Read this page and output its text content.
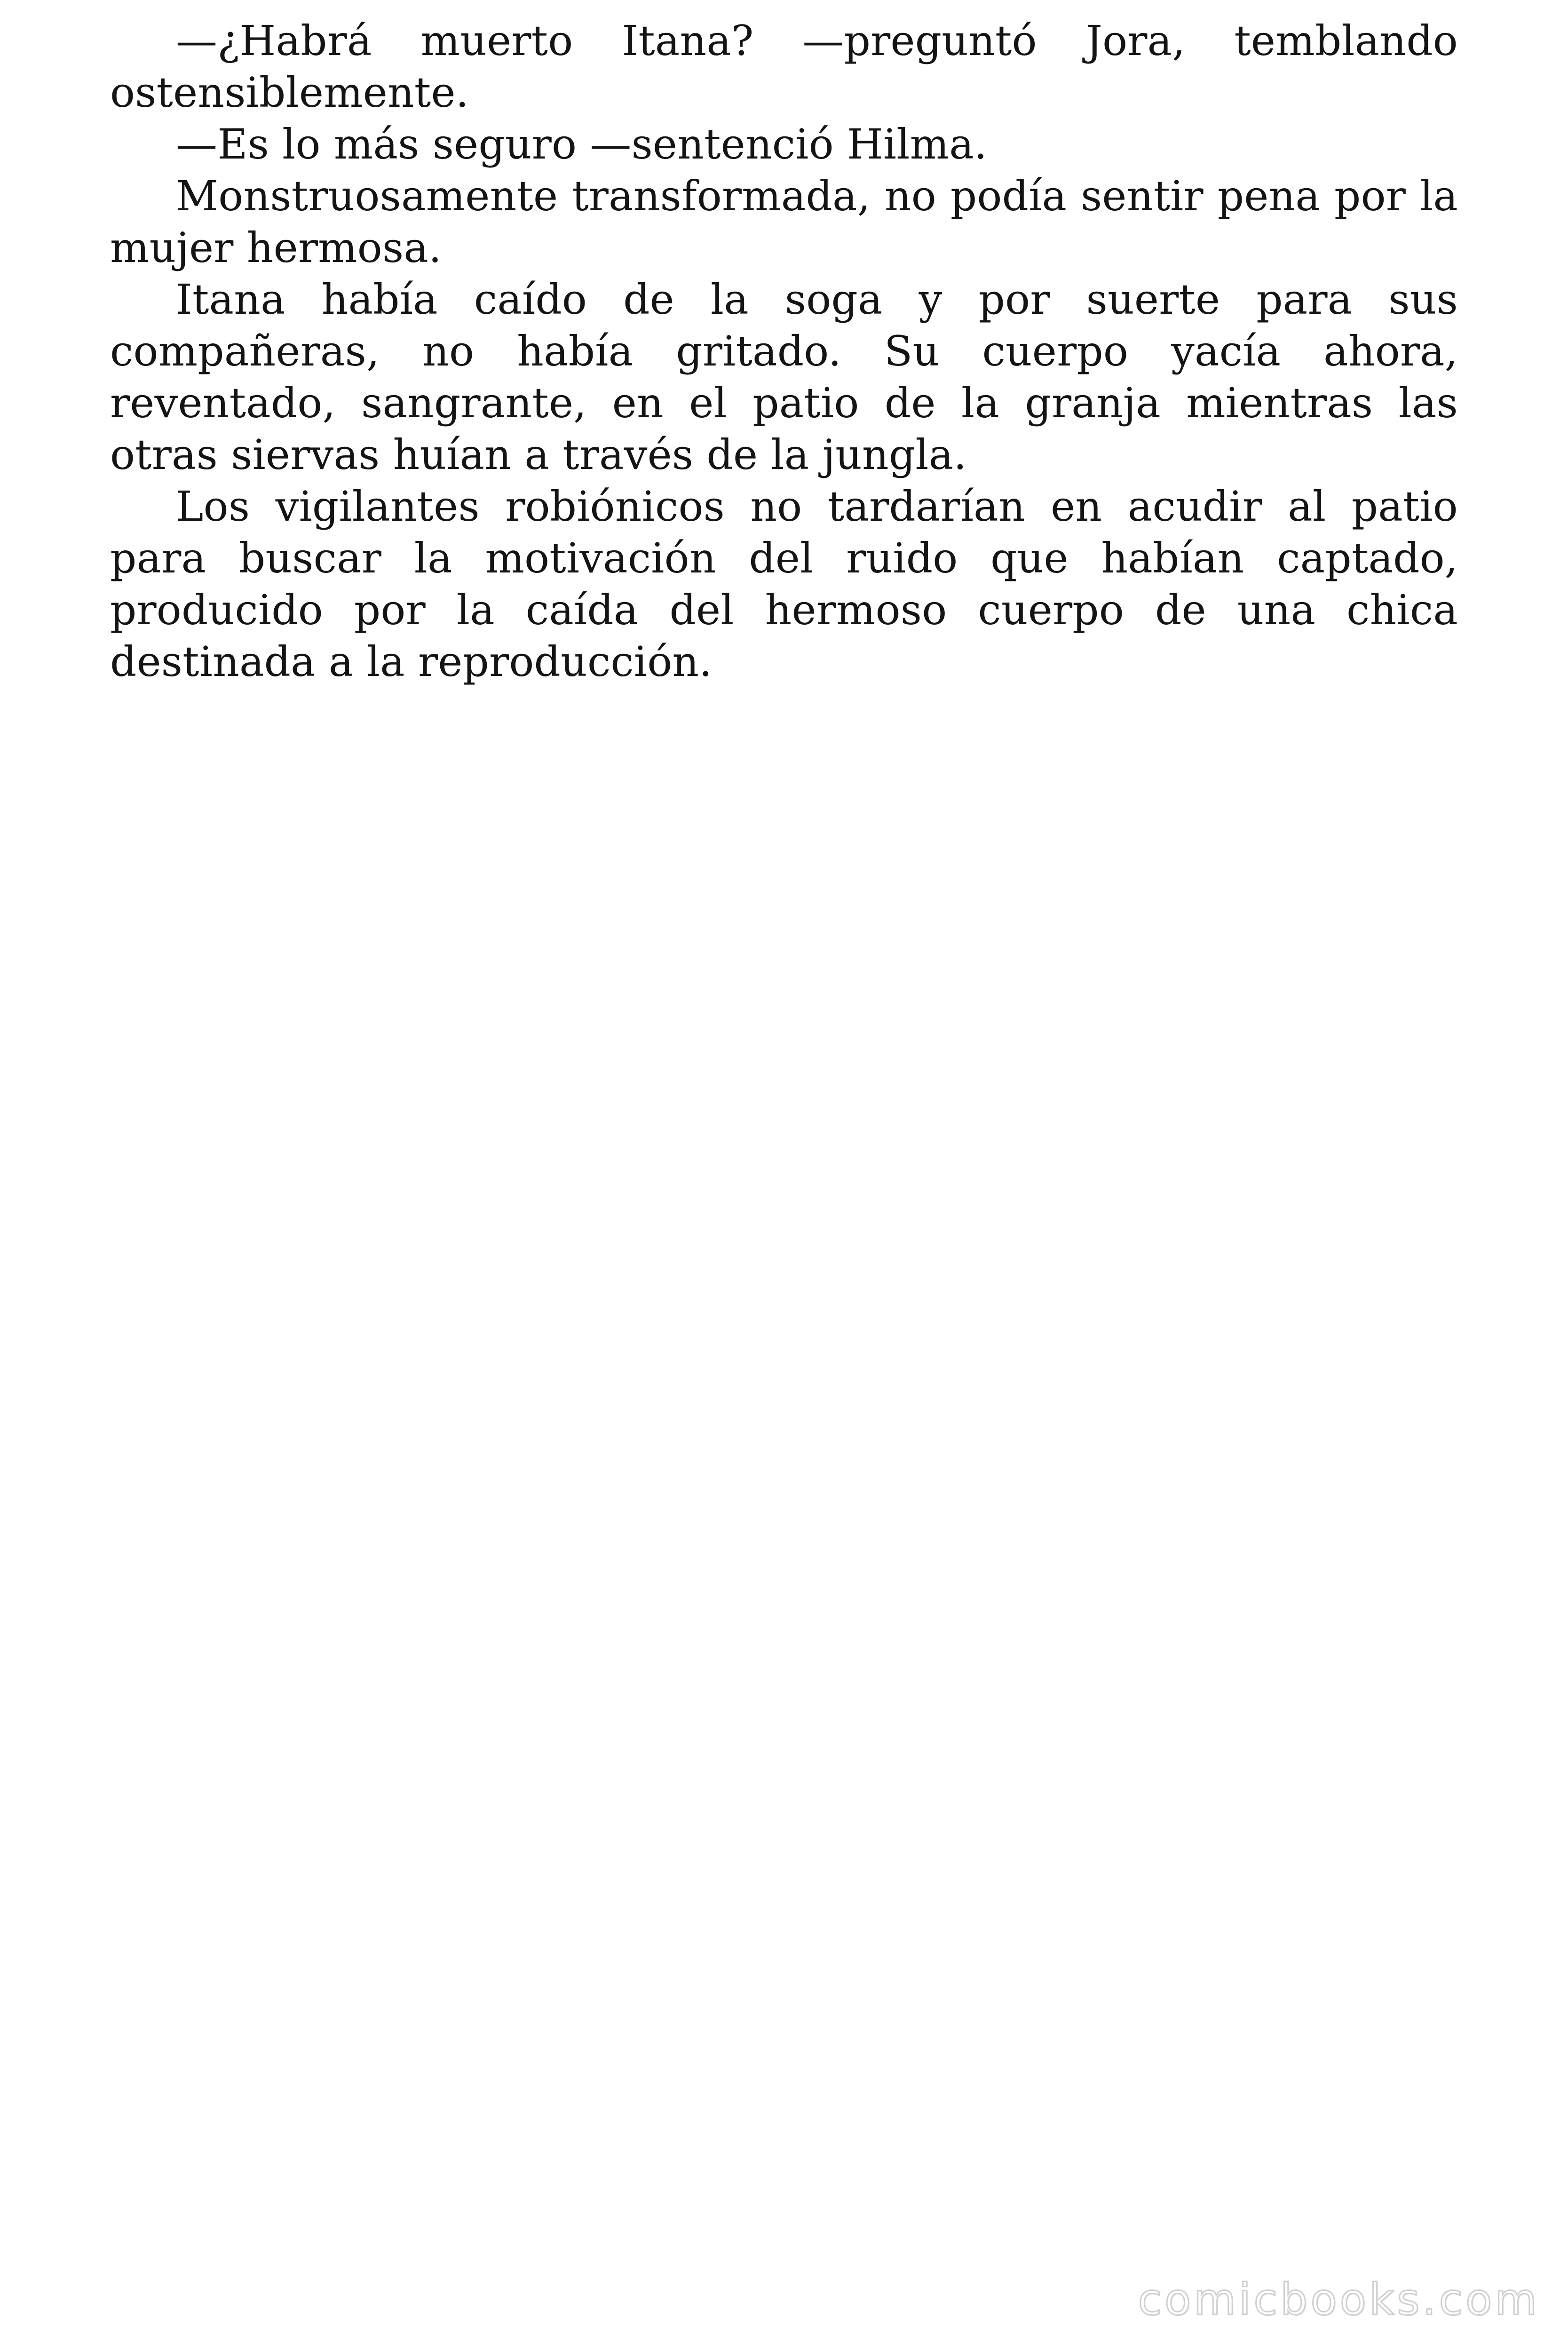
—¿Habrá muerto Itana? —preguntó Jora, temblando ostensiblemente.

—Es lo más seguro —sentenció Hilma.

Monstruosamente transformada, no podía sentir pena por la mujer hermosa.

Itana había caído de la soga y por suerte para sus compañeras, no había gritado. Su cuerpo yacía ahora, reventado, sangrante, en el patio de la granja mientras las otras siervas huían a través de la jungla.

Los vigilantes robiónicos no tardarían en acudir al patio para buscar la motivación del ruido que habían captado, producido por la caída del hermoso cuerpo de una chica destinada a la reproducción.

comicbooks.com
